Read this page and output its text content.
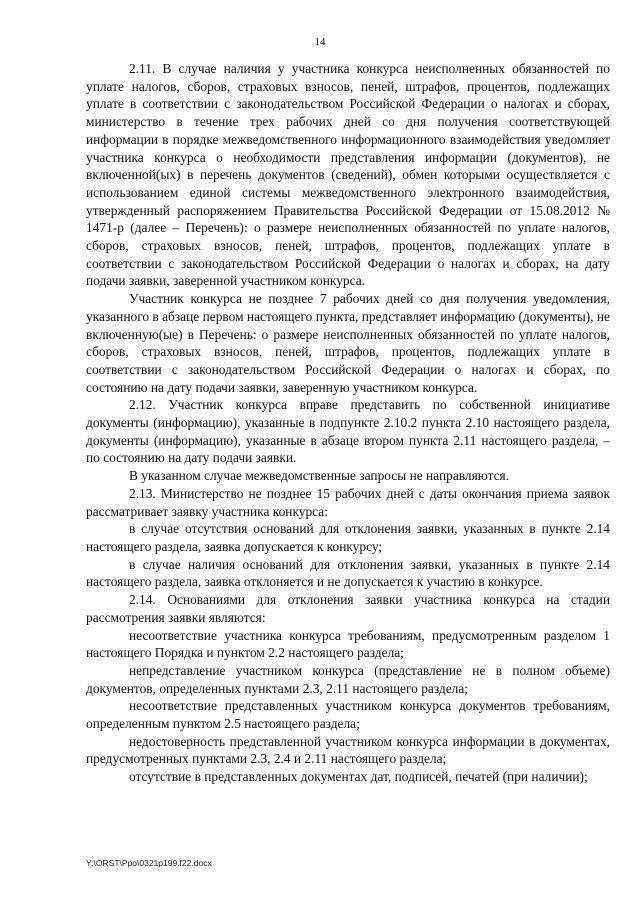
14

2.11. В случае наличия у участника конкурса неисполненных обязанностей по уплате налогов, сборов, страховых взносов, пеней, штрафов, процентов, подлежащих уплате в соответствии с законодательством Российской Федерации о налогах и сборах, министерство в течение трех рабочих дней со дня получения соответствующей информации в порядке межведомственного информационного взаимодействия уведомляет участника конкурса о необходимости представления информации (документов), не включенной(ых) в перечень документов (сведений), обмен которыми осуществляется с использованием единой системы межведомственного электронного взаимодействия, утвержденный распоряжением Правительства Российской Федерации от 15.08.2012 № 1471-р (далее – Перечень): о размере неисполненных обязанностей по уплате налогов, сборов, страховых взносов, пеней, штрафов, процентов, подлежащих уплате в соответствии с законодательством Российской Федерации о налогах и сборах, на дату подачи заявки, заверенной участником конкурса.

Участник конкурса не позднее 7 рабочих дней со дня получения уведомления, указанного в абзаце первом настоящего пункта, представляет информацию (документы), не включенную(ые) в Перечень: о размере неисполненных обязанностей по уплате налогов, сборов, страховых взносов, пеней, штрафов, процентов, подлежащих уплате в соответствии с законодательством Российской Федерации о налогах и сборах, по состоянию на дату подачи заявки, заверенную участником конкурса.

2.12. Участник конкурса вправе представить по собственной инициативе документы (информацию), указанные в подпункте 2.10.2 пункта 2.10 настоящего раздела, документы (информацию), указанные в абзаце втором пункта 2.11 настоящего раздела, – по состоянию на дату подачи заявки.

В указанном случае межведомственные запросы не направляются.

2.13. Министерство не позднее 15 рабочих дней с даты окончания приема заявок рассматривает заявку участника конкурса:

в случае отсутствия оснований для отклонения заявки, указанных в пункте 2.14 настоящего раздела, заявка допускается к конкурсу;

в случае наличия оснований для отклонения заявки, указанных в пункте 2.14 настоящего раздела, заявка отклоняется и не допускается к участию в конкурсе.

2.14. Основаниями для отклонения заявки участника конкурса на стадии рассмотрения заявки являются:

несоответствие участника конкурса требованиям, предусмотренным разделом 1 настоящего Порядка и пунктом 2.2 настоящего раздела;

непредставление участником конкурса (представление не в полном объеме) документов, определенных пунктами 2.3, 2.11 настоящего раздела;

несоответствие представленных участником конкурса документов требованиям, определенным пунктом 2.5 настоящего раздела;

недостоверность представленной участником конкурса информации в документах, предусмотренных пунктами 2.3, 2.4 и 2.11 настоящего раздела;

отсутствие в представленных документах дат, подписей, печатей (при наличии);

Y:\ORST\Ppo\0321p199.f22.docx
